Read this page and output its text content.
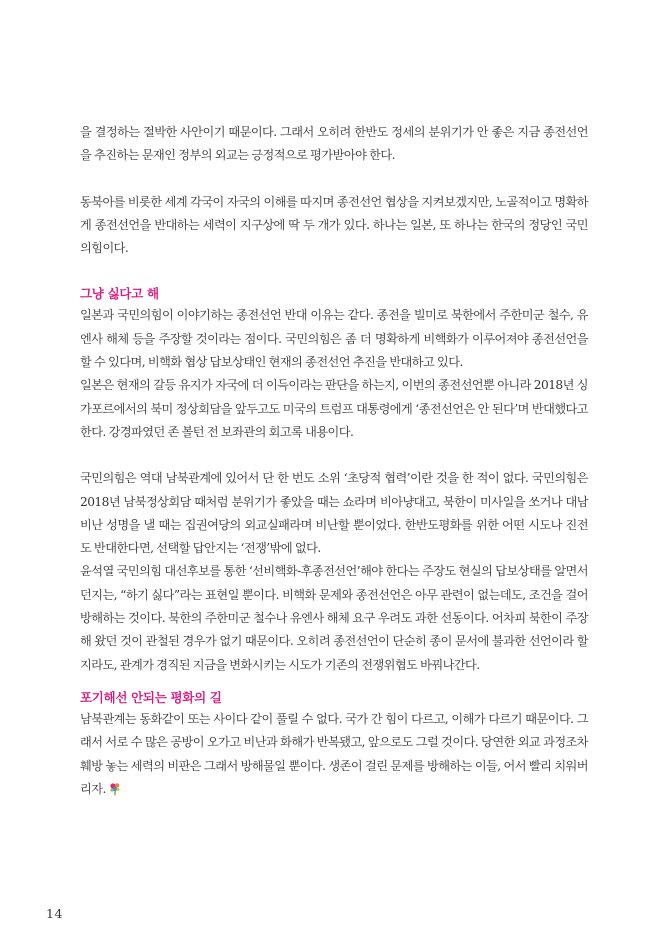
을 결정하는 절박한 사안이기 때문이다. 그래서 오히려 한반도 정세의 분위기가 안 좋은 지금 종전선언을 추진하는 문재인 정부의 외교는 긍정적으로 평가받아야 한다.

동북아를 비롯한 세계 각국이 자국의 이해를 따지며 종전선언 협상을 지켜보겠지만, 노골적이고 명확하게 종전선언을 반대하는 세력이 지구상에 딱 두 개가 있다. 하나는 일본, 또 하나는 한국의 정당인 국민의힘이다.

그냥 싫다고 해

일본과 국민의힘이 이야기하는 종전선언 반대 이유는 같다. 종전을 빌미로 북한에서 주한미군 철수, 유엔사 해체 등을 주장할 것이라는 점이다. 국민의힘은 좀 더 명확하게 비핵화가 이루어져야 종전선언을 할 수 있다며, 비핵화 협상 답보상태인 현재의 종전선언 추진을 반대하고 있다.

일본은 현재의 갈등 유지가 자국에 더 이득이라는 판단을 하는지, 이번의 종전선언뿐 아니라 2018년 싱가포르에서의 북미 정상회담을 앞두고도 미국의 트럼프 대통령에게 ‘종전선언은 안 된다’며 반대했다고 한다. 강경파였던 존 볼턴 전 보좌관의 회고록 내용이다.

국민의힘은 역대 남북관계에 있어서 단 한 번도 소위 ‘초당적 협력’이란 것을 한 적이 없다. 국민의힘은 2018년 남북정상회담 때처럼 분위기가 좋았을 때는 쇼라며 비아냥대고, 북한이 미사일을 쏘거나 대남 비난 성명을 낼 때는 집권여당의 외교실패라며 비난할 뿐이었다. 한반도평화를 위한 어떤 시도나 진전도 반대한다면, 선택할 답안지는 ‘전쟁’밖에 없다.

윤석열 국민의힘 대선후보를 통한 ‘선비핵화-후종전선언’해야 한다는 주장도 현실의 답보상태를 알면서 던지는, “하기 싫다”라는 표현일 뿐이다. 비핵화 문제와 종전선언은 아무 관련이 없는데도, 조건을 걸어 방해하는 것이다. 북한의 주한미군 철수나 유엔사 해체 요구 우려도 과한 선동이다. 어차피 북한이 주장해 왔던 것이 관철된 경우가 없기 때문이다. 오히려 종전선언이 단순히 종이 문서에 불과한 선언이라 할지라도, 관계가 경직된 지금을 변화시키는 시도가 기존의 전쟁위협도 바꿔나간다.

포기해선 안되는 평화의 길

남북관계는 동화같이 또는 사이다 같이 풀릴 수 없다. 국가 간 힘이 다르고, 이해가 다르기 때문이다. 그래서 서로 수 많은 공방이 오가고 비난과 화해가 반복됐고, 앞으로도 그럴 것이다. 당연한 외교 과정조차 훼방 놓는 세력의 비판은 그래서 방해물일 뿐이다. 생존이 걸린 문제를 방해하는 이들, 어서 빨리 치워버리자.

14
